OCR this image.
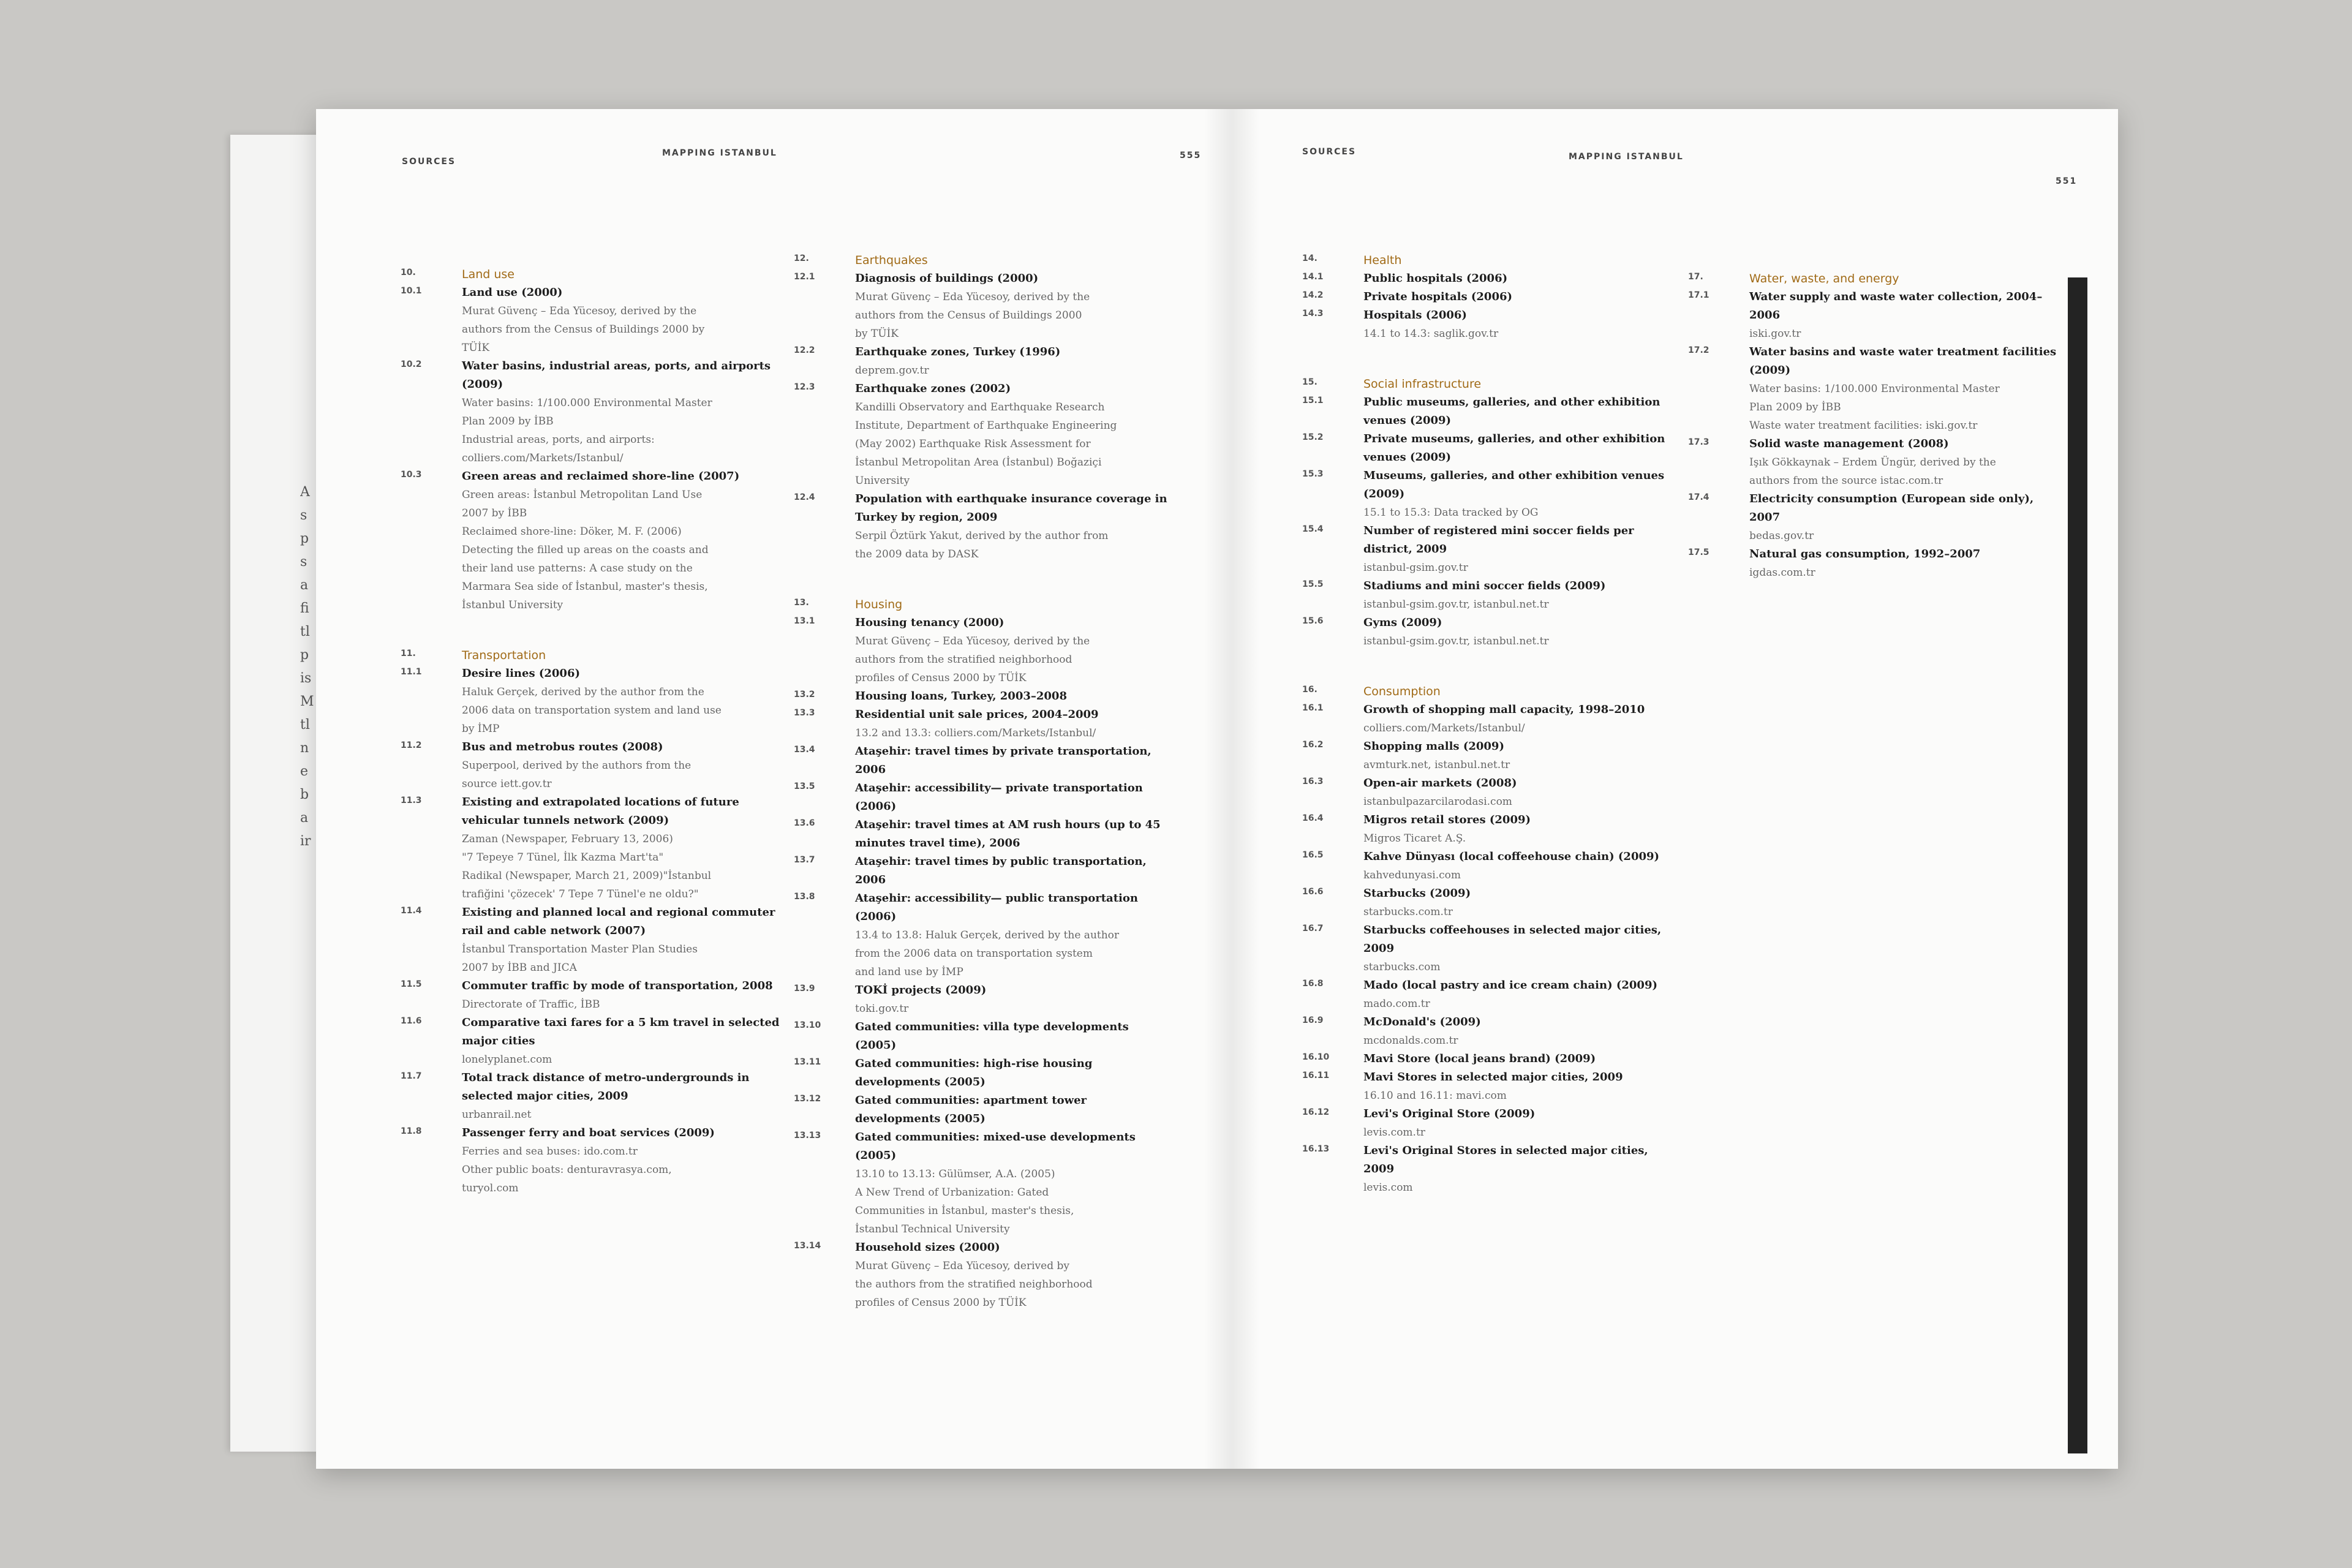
A
s
p
s
a
fi
tl
p
is
M
tl
n
e
b
a
ir
SOURCES
MAPPING ISTANBUL	555	SOURCES	MAPPING ISTANBUL
551
10.	Land use
10.1	Land use (2000)
Murat Güvenç – Eda Yücesoy, derived by the
authors from the Census of Buildings 2000 by
TÜİK
10.2	Water basins, industrial areas, ports, and airports (2009)
Water basins: 1/100.000 Environmental Master
Plan 2009 by İBB
Industrial areas, ports, and airports:
colliers.com/Markets/Istanbul/
10.3	Green areas and reclaimed shore-line (2007)
Green areas: İstanbul Metropolitan Land Use
2007 by İBB
Reclaimed shore-line: Döker, M. F. (2006)
Detecting the filled up areas on the coasts and
their land use patterns: A case study on the
Marmara Sea side of İstanbul, master's thesis,
İstanbul University
11.	Transportation
11.1	Desire lines (2006)
Haluk Gerçek, derived by the author from the
2006 data on transportation system and land use
by İMP
11.2	Bus and metrobus routes (2008)
Superpool, derived by the authors from the
source iett.gov.tr
11.3	Existing and extrapolated locations of future vehicular tunnels network (2009)
Zaman (Newspaper, February 13, 2006)
"7 Tepeye 7 Tünel, İlk Kazma Mart'ta"
Radikal (Newspaper, March 21, 2009)"İstanbul
trafiğini 'çözecek' 7 Tepe 7 Tünel'e ne oldu?"
11.4	Existing and planned local and regional commuter rail and cable network (2007)
İstanbul Transportation Master Plan Studies
2007 by İBB and JICA
11.5	Commuter traffic by mode of transportation, 2008
Directorate of Traffic, İBB
11.6	Comparative taxi fares for a 5 km travel in selected major cities
lonelyplanet.com
11.7	Total track distance of metro-undergrounds in selected major cities, 2009
urbanrail.net
11.8	Passenger ferry and boat services (2009)
Ferries and sea buses: ido.com.tr
Other public boats: denturavrasya.com,
turyol.com
12.	Earthquakes
12.1	Diagnosis of buildings (2000)
Murat Güvenç – Eda Yücesoy, derived by the
authors from the Census of Buildings 2000
by TÜİK
12.2	Earthquake zones, Turkey (1996)
deprem.gov.tr
12.3	Earthquake zones (2002)
Kandilli Observatory and Earthquake Research
Institute, Department of Earthquake Engineering
(May 2002) Earthquake Risk Assessment for
İstanbul Metropolitan Area (İstanbul) Boğaziçi
University
12.4	Population with earthquake insurance coverage in Turkey by region, 2009
Serpil Öztürk Yakut, derived by the author from
the 2009 data by DASK
13.	Housing
13.1	Housing tenancy (2000)
Murat Güvenç – Eda Yücesoy, derived by the
authors from the stratified neighborhood
profiles of Census 2000 by TÜİK
13.2	Housing loans, Turkey, 2003–2008
13.3	Residential unit sale prices, 2004–2009
13.2 and 13.3: colliers.com/Markets/Istanbul/
13.4	Ataşehir: travel times by private transportation, 2006
13.5	Ataşehir: accessibility— private transportation (2006)
13.6	Ataşehir: travel times at AM rush hours (up to 45 minutes travel time), 2006
13.7	Ataşehir: travel times by public transportation, 2006
13.8	Ataşehir: accessibility— public transportation (2006)
13.4 to 13.8: Haluk Gerçek, derived by the author
from the 2006 data on transportation system
and land use by İMP
13.9	TOKİ projects (2009)
toki.gov.tr
13.10	Gated communities: villa type developments (2005)
13.11	Gated communities: high-rise housing developments (2005)
13.12	Gated communities: apartment tower developments (2005)
13.13	Gated communities: mixed-use developments (2005)
13.10 to 13.13: Gülümser, A.A. (2005)
A New Trend of Urbanization: Gated
Communities in İstanbul, master's thesis,
İstanbul Technical University
13.14	Household sizes (2000)
Murat Güvenç – Eda Yücesoy, derived by
the authors from the stratified neighborhood
profiles of Census 2000 by TÜİK
14.	Health
14.1	Public hospitals (2006)
14.2	Private hospitals (2006)
14.3	Hospitals (2006)
14.1 to 14.3: saglik.gov.tr
15.	Social infrastructure
15.1	Public museums, galleries, and other exhibition venues (2009)
15.2	Private museums, galleries, and other exhibition venues (2009)
15.3	Museums, galleries, and other exhibition venues (2009)
15.1 to 15.3: Data tracked by OG
15.4	Number of registered mini soccer fields per district, 2009
istanbul-gsim.gov.tr
15.5	Stadiums and mini soccer fields (2009)
istanbul-gsim.gov.tr, istanbul.net.tr
15.6	Gyms (2009)
istanbul-gsim.gov.tr, istanbul.net.tr
16.	Consumption
16.1	Growth of shopping mall capacity, 1998–2010
colliers.com/Markets/Istanbul/
16.2	Shopping malls (2009)
avmturk.net, istanbul.net.tr
16.3	Open-air markets (2008)
istanbulpazarcilarodasi.com
16.4	Migros retail stores (2009)
Migros Ticaret A.Ş.
16.5	Kahve Dünyası (local coffeehouse chain) (2009)
kahvedunyasi.com
16.6	Starbucks (2009)
starbucks.com.tr
16.7	Starbucks coffeehouses in selected major cities, 2009
starbucks.com
16.8	Mado (local pastry and ice cream chain) (2009)
mado.com.tr
16.9	McDonald's (2009)
mcdonalds.com.tr
16.10	Mavi Store (local jeans brand) (2009)
16.11	Mavi Stores in selected major cities, 2009
16.10 and 16.11: mavi.com
16.12	Levi's Original Store (2009)
levis.com.tr
16.13	Levi's Original Stores in selected major cities, 2009
levis.com
17.	Water, waste, and energy
17.1	Water supply and waste water collection, 2004–2006
iski.gov.tr
17.2	Water basins and waste water treatment facilities (2009)
Water basins: 1/100.000 Environmental Master
Plan 2009 by İBB
Waste water treatment facilities: iski.gov.tr
17.3	Solid waste management (2008)
Işık Gökkaynak – Erdem Üngür, derived by the
authors from the source istac.com.tr
17.4	Electricity consumption (European side only), 2007
bedas.gov.tr
17.5	Natural gas consumption, 1992–2007
igdas.com.tr
